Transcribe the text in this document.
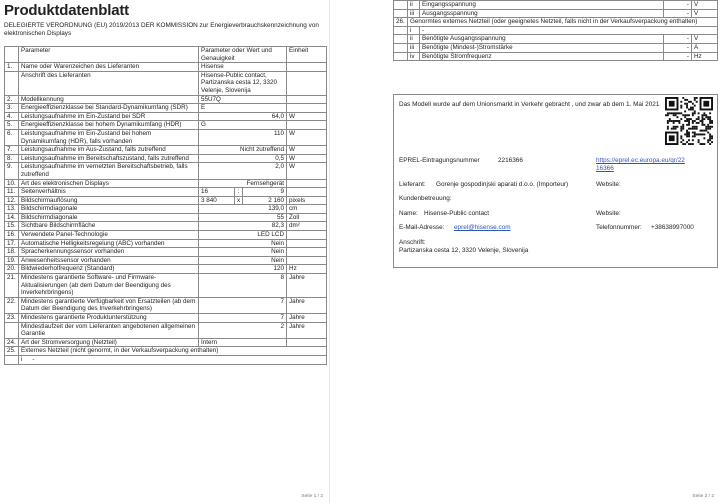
Produktdatenblatt
DELEGIERTE VERORDNUNG (EU) 2019/2013 DER KOMMISSION zur Energieverbrauchskennzeichnung von elektronischen Displays
	Parameter	Parameter oder Wert und Genauigkeit			Einheit
1.	Name oder Warenzeichen des Lieferanten	Hisense			
	Anschrift des Lieferanten	Hisense-Public contact, Partizanska cesta 12, 3320 Velenje, Slovenija			
2.	Modellkennung	55U7Q			
3.	Energieeffizienzklasse bei Standard-Dynamikumfang (SDR)	E			
4.	Leistungsaufnahme im Ein-Zustand bei SDR	64,0			W
5.	Energieeffizienzklasse bei hohem Dynamikumfang (HDR)	G			
6.	Leistungsaufnahme im Ein-Zustand bei hohem Dynamikumfang (HDR), falls vorhanden	110			W
7.	Leistungsaufnahme im Aus-Zustand, falls zutreffend	Nicht zutreffend			W
8.	Leistungsaufnahme im Bereitschaftszustand, falls zutreffend	0,5			W
9.	Leistungsaufnahme im vernetzten Bereitschaftsbetrieb, falls zutreffend	2,0			W
10.	Art des elektronischen Displays	Fernsehgerät			
11.	Seitenverhältnis	16	:	9	
12.	Bildschirmauflösung	3 840	x	2 160	pixels
13.	Bildschirmdiagonale	139,0			cm
14.	Bildschirmdiagonale	55			Zoll
15.	Sichtbare Bildschirmfläche	82,3			dm²
16.	Verwendete Panel-Technologie	LED LCD			
17.	Automatische Helligkeitsregelung (ABC) vorhanden	Nein			
18.	Spracherkennungssensor vorhanden	Nein			
19.	Anwesenheitssensor vorhanden	Nein			
20.	Bildwiederholfrequenz (Standard)	120			Hz
21.	Mindestens garantierte Software- und Firmware-Aktualisierungen (ab dem Datum der Beendigung des Inverkehrbringens)	8			Jahre
22.	Mindestens garantierte Verfügbarkeit von Ersatzteilen (ab dem Datum der Beendigung des Inverkehrbringens)	7			Jahre
23.	Mindestens garantierte Produktunterstützung	7			Jahre
	Mindestlaufzeit der vom Lieferanten angebotenen allgemeinen Garantie	2			Jahre
24.	Art der Stromversorgung (Netzteil)	Intern			
25.	Externes Netzteil (nicht genormt, in der Verkaufsverpackung enthalten)				
	i -				
Seite 1 / 2
	ii	Eingangsspannung	-	V
	iii	Ausgangsspannung	-	V
26.	Genormtes externes Netzteil (oder geeignetes Netzteil, falls nicht in der Verkaufsverpackung enthalten)			
	i	-		
	ii	Benötigte Ausgangsspannung	-	V
	iii	Benötigte (Mindest-)Stromstärke	-	A
	iv	Benötigte Stromfrequenz	-	Hz
Das Modell wurde auf dem Unionsmarkt in Verkehr gebracht , und zwar ab dem 1. Mai 2021
EPREL-Eintragungsnummer	2216366	https://eprel.ec.europa.eu/qr/22
16366
Lieferant: Gorenje gospodinjski aparati d.o.o. (Importeur)	Website:
Kundenbetreuung:
Name: Hisense-Public contact	Website:
E-Mail-Adresse: eprel@hisense.com	Telefonnummer: +38638997000
Anschrift:
Partizanska cesta 12, 3320 Velenje, Slovenija
Seite 2 / 2
